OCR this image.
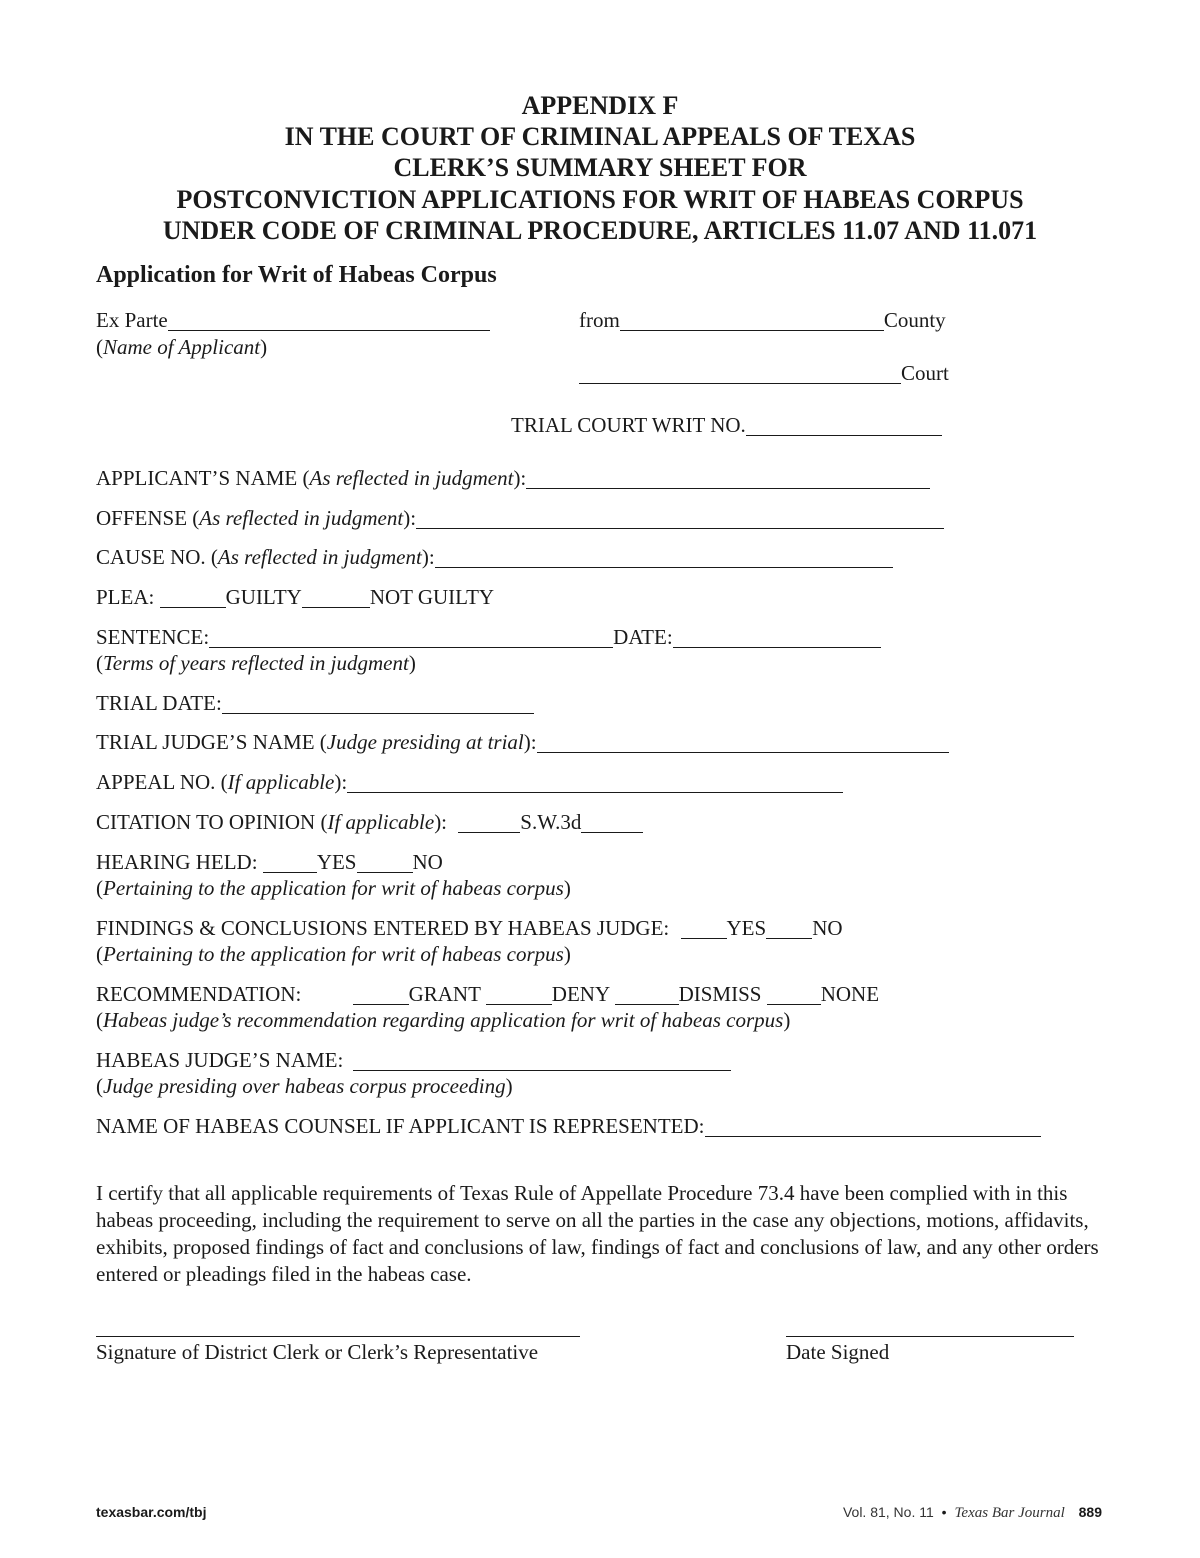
APPENDIX F
IN THE COURT OF CRIMINAL APPEALS OF TEXAS
CLERK’S SUMMARY SHEET FOR
POSTCONVICTION APPLICATIONS FOR WRIT OF HABEAS CORPUS
UNDER CODE OF CRIMINAL PROCEDURE, ARTICLES 11.07 AND 11.071
Application for Writ of Habeas Corpus
Ex Parte	from	County
(Name of Applicant)
Court
TRIAL COURT WRIT NO.
APPLICANT’S NAME (As reflected in judgment):
OFFENSE (As reflected in judgment):
CAUSE NO. (As reflected in judgment):
PLEA:	GUILTY	NOT GUILTY
SENTENCE:	DATE:
(Terms of years reflected in judgment)
TRIAL DATE:
TRIAL JUDGE’S NAME (Judge presiding at trial):
APPEAL NO. (If applicable):
CITATION TO OPINION (If applicable):	S.W.3d
HEARING HELD:	YES	NO
(Pertaining to the application for writ of habeas corpus)
FINDINGS & CONCLUSIONS ENTERED BY HABEAS JUDGE:	YES NO
(Pertaining to the application for writ of habeas corpus)
RECOMMENDATION:	GRANT	DENY	DISMISS	NONE
(Habeas judge’s recommendation regarding application for writ of habeas corpus)
HABEAS JUDGE’S NAME:
(Judge presiding over habeas corpus proceeding)
NAME OF HABEAS COUNSEL IF APPLICANT IS REPRESENTED:
I certify that all applicable requirements of Texas Rule of Appellate Procedure 73.4 have been complied with in this habeas proceeding, including the requirement to serve on all the parties in the case any objections, motions, affidavits, exhibits, proposed findings of fact and conclusions of law, findings of fact and conclusions of law, and any other orders entered or pleadings filed in the habeas case.
Signature of District Clerk or Clerk’s Representative	Date Signed
texasbar.com/tbj	Vol. 81, No. 11 • Texas Bar Journal 889
